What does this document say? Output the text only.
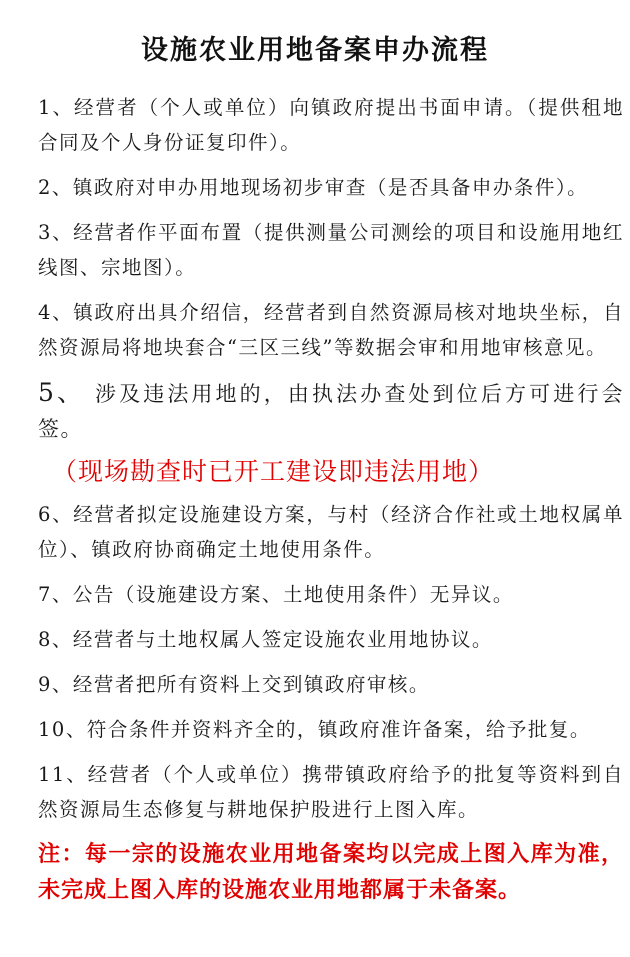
设施农业用地备案申办流程

1、经营者（个人或单位）向镇政府提出书面申请。（提供租地合同及个人身份证复印件）。

2、镇政府对申办用地现场初步审查（是否具备申办条件）。

3、经营者作平面布置（提供测量公司测绘的项目和设施用地红线图、宗地图）。

4、镇政府出具介绍信，经营者到自然资源局核对地块坐标，自然资源局将地块套合“三区三线”等数据会审和用地审核意见。

5、 涉及违法用地的，由执法办查处到位后方可进行会签。

（现场勘查时已开工建设即违法用地）

6、经营者拟定设施建设方案，与村（经济合作社或土地权属单位）、镇政府协商确定土地使用条件。

7、公告（设施建设方案、土地使用条件）无异议。

8、经营者与土地权属人签定设施农业用地协议。

9、经营者把所有资料上交到镇政府审核。

10、符合条件并资料齐全的，镇政府准许备案，给予批复。

11、经营者（个人或单位）携带镇政府给予的批复等资料到自然资源局生态修复与耕地保护股进行上图入库。

注：每一宗的设施农业用地备案均以完成上图入库为准，未完成上图入库的设施农业用地都属于未备案。
